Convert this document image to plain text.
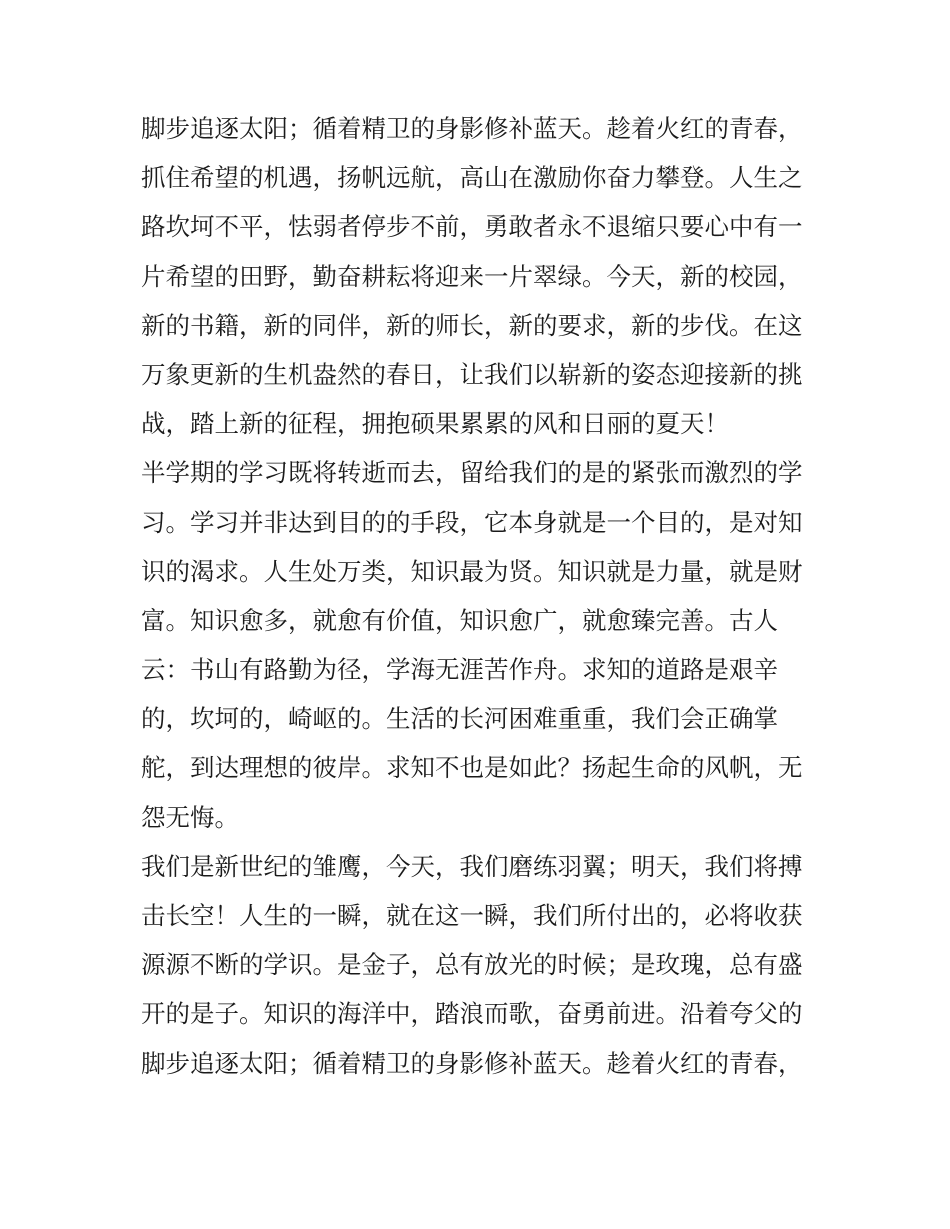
脚步追逐太阳；循着精卫的身影修补蓝天。趁着火红的青春，
抓住希望的机遇，扬帆远航，高山在激励你奋力攀登。人生之
路坎坷不平，怯弱者停步不前，勇敢者永不退缩只要心中有一
片希望的田野，勤奋耕耘将迎来一片翠绿。今天，新的校园，
新的书籍，新的同伴，新的师长，新的要求，新的步伐。在这
万象更新的生机盎然的春日，让我们以崭新的姿态迎接新的挑
战，踏上新的征程，拥抱硕果累累的风和日丽的夏天！
半学期的学习既将转逝而去，留给我们的是的紧张而激烈的学
习。学习并非达到目的的手段，它本身就是一个目的，是对知
识的渴求。人生处万类，知识最为贤。知识就是力量，就是财
富。知识愈多，就愈有价值，知识愈广，就愈臻完善。古人
云：书山有路勤为径，学海无涯苦作舟。求知的道路是艰辛
的，坎坷的，崎岖的。生活的长河困难重重，我们会正确掌
舵，到达理想的彼岸。求知不也是如此？扬起生命的风帆，无
怨无悔。
我们是新世纪的雏鹰，今天，我们磨练羽翼；明天，我们将搏
击长空！人生的一瞬，就在这一瞬，我们所付出的，必将收获
源源不断的学识。是金子，总有放光的时候；是玫瑰，总有盛
开的是子。知识的海洋中，踏浪而歌，奋勇前进。沿着夸父的
脚步追逐太阳；循着精卫的身影修补蓝天。趁着火红的青春，
